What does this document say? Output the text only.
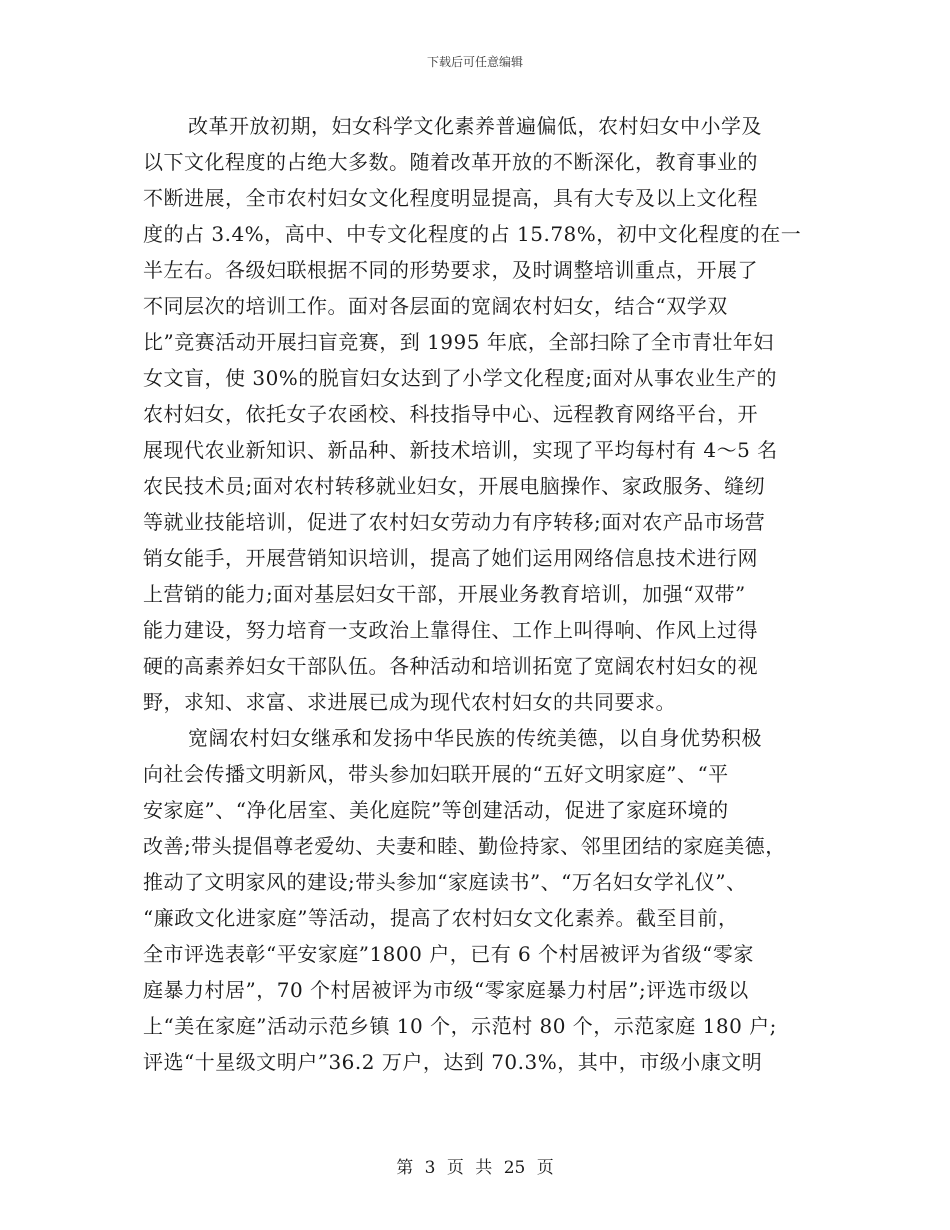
下载后可任意编辑
改革开放初期，妇女科学文化素养普遍偏低，农村妇女中小学及
以下文化程度的占绝大多数。随着改革开放的不断深化，教育事业的
不断进展，全市农村妇女文化程度明显提高，具有大专及以上文化程
度的占 3.4%，高中、中专文化程度的占 15.78%，初中文化程度的在一
半左右。各级妇联根据不同的形势要求，及时调整培训重点，开展了
不同层次的培训工作。面对各层面的宽阔农村妇女，结合“双学双
比”竞赛活动开展扫盲竞赛，到 1995 年底，全部扫除了全市青壮年妇
女文盲，使 30%的脱盲妇女达到了小学文化程度;面对从事农业生产的
农村妇女，依托女子农函校、科技指导中心、远程教育网络平台，开
展现代农业新知识、新品种、新技术培训，实现了平均每村有 4～5 名
农民技术员;面对农村转移就业妇女，开展电脑操作、家政服务、缝纫
等就业技能培训，促进了农村妇女劳动力有序转移;面对农产品市场营
销女能手，开展营销知识培训，提高了她们运用网络信息技术进行网
上营销的能力;面对基层妇女干部，开展业务教育培训，加强“双带”
能力建设，努力培育一支政治上靠得住、工作上叫得响、作风上过得
硬的高素养妇女干部队伍。各种活动和培训拓宽了宽阔农村妇女的视
野，求知、求富、求进展已成为现代农村妇女的共同要求。
宽阔农村妇女继承和发扬中华民族的传统美德，以自身优势积极
向社会传播文明新风，带头参加妇联开展的“五好文明家庭”、“平
安家庭”、“净化居室、美化庭院”等创建活动，促进了家庭环境的
改善;带头提倡尊老爱幼、夫妻和睦、勤俭持家、邻里团结的家庭美德，
推动了文明家风的建设;带头参加“家庭读书”、“万名妇女学礼仪”、
“廉政文化进家庭”等活动，提高了农村妇女文化素养。截至目前，
全市评选表彰“平安家庭”1800 户，已有 6 个村居被评为省级“零家
庭暴力村居”，70 个村居被评为市级“零家庭暴力村居”;评选市级以
上“美在家庭”活动示范乡镇 10 个，示范村 80 个，示范家庭 180 户;
评选“十星级文明户”36.2 万户，达到 70.3%，其中，市级小康文明
第 3 页 共 25 页
